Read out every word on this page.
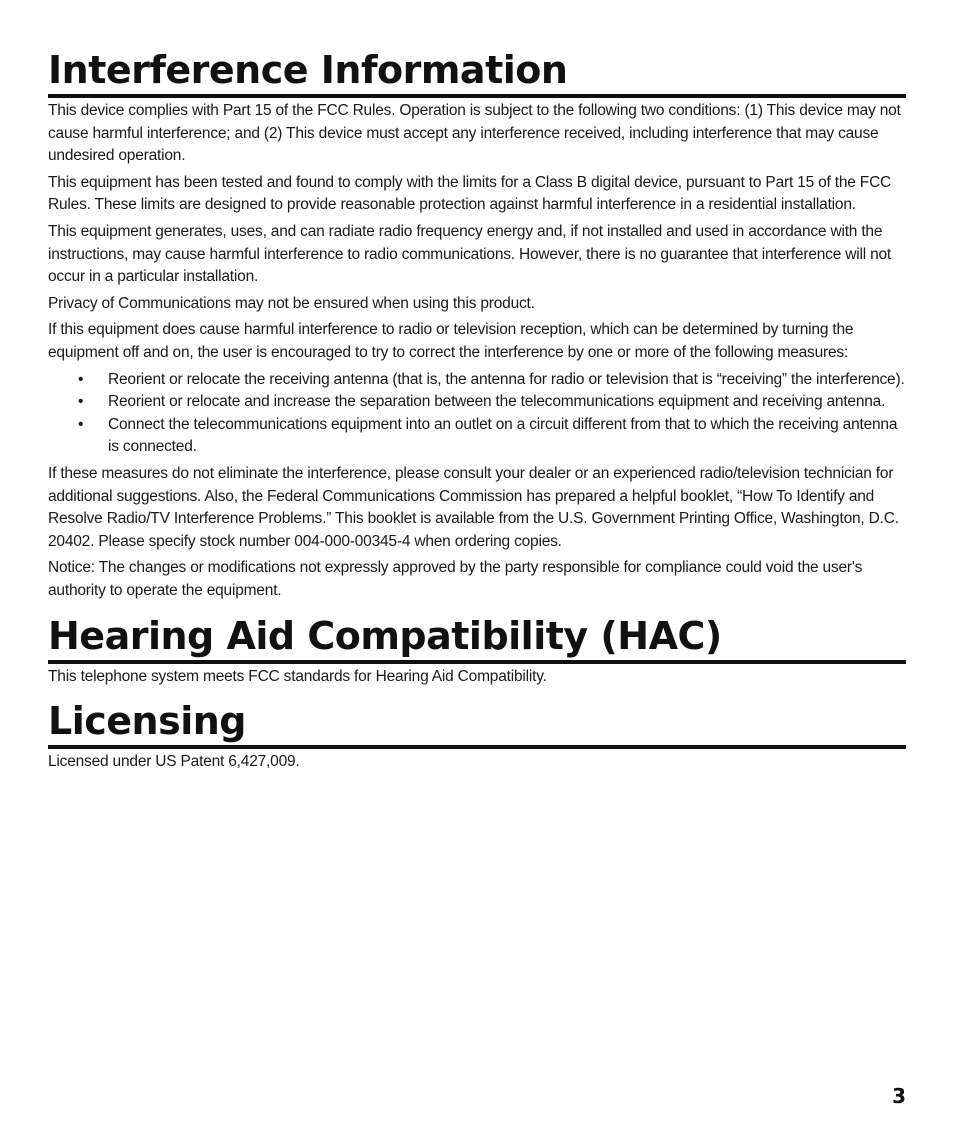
Interference Information

This device complies with Part 15 of the FCC Rules. Operation is subject to the following two conditions: (1) This device may not cause harmful interference; and (2) This device must accept any interference received, including interference that may cause undesired operation.

This equipment has been tested and found to comply with the limits for a Class B digital device, pursuant to Part 15 of the FCC Rules. These limits are designed to provide reasonable protection against harmful interference in a residential installation.

This equipment generates, uses, and can radiate radio frequency energy and, if not installed and used in accordance with the instructions, may cause harmful interference to radio communications. However, there is no guarantee that interference will not occur in a particular installation.

Privacy of Communications may not be ensured when using this product.

If this equipment does cause harmful interference to radio or television reception, which can be determined by turning the equipment off and on, the user is encouraged to try to correct the interference by one or more of the following measures:

• Reorient or relocate the receiving antenna (that is, the antenna for radio or television that is “receiving” the interference).
• Reorient or relocate and increase the separation between the telecommunications equipment and receiving antenna.
• Connect the telecommunications equipment into an outlet on a circuit different from that to which the receiving antenna is connected.

If these measures do not eliminate the interference, please consult your dealer or an experienced radio/television technician for additional suggestions. Also, the Federal Communications Commission has prepared a helpful booklet, “How To Identify and Resolve Radio/TV Interference Problems.” This booklet is available from the U.S. Government Printing Office, Washington, D.C. 20402. Please specify stock number 004-000-00345-4 when ordering copies.

Notice: The changes or modifications not expressly approved by the party responsible for compliance could void the user's authority to operate the equipment.

Hearing Aid Compatibility (HAC)

This telephone system meets FCC standards for Hearing Aid Compatibility.

Licensing

Licensed under US Patent 6,427,009.

3
